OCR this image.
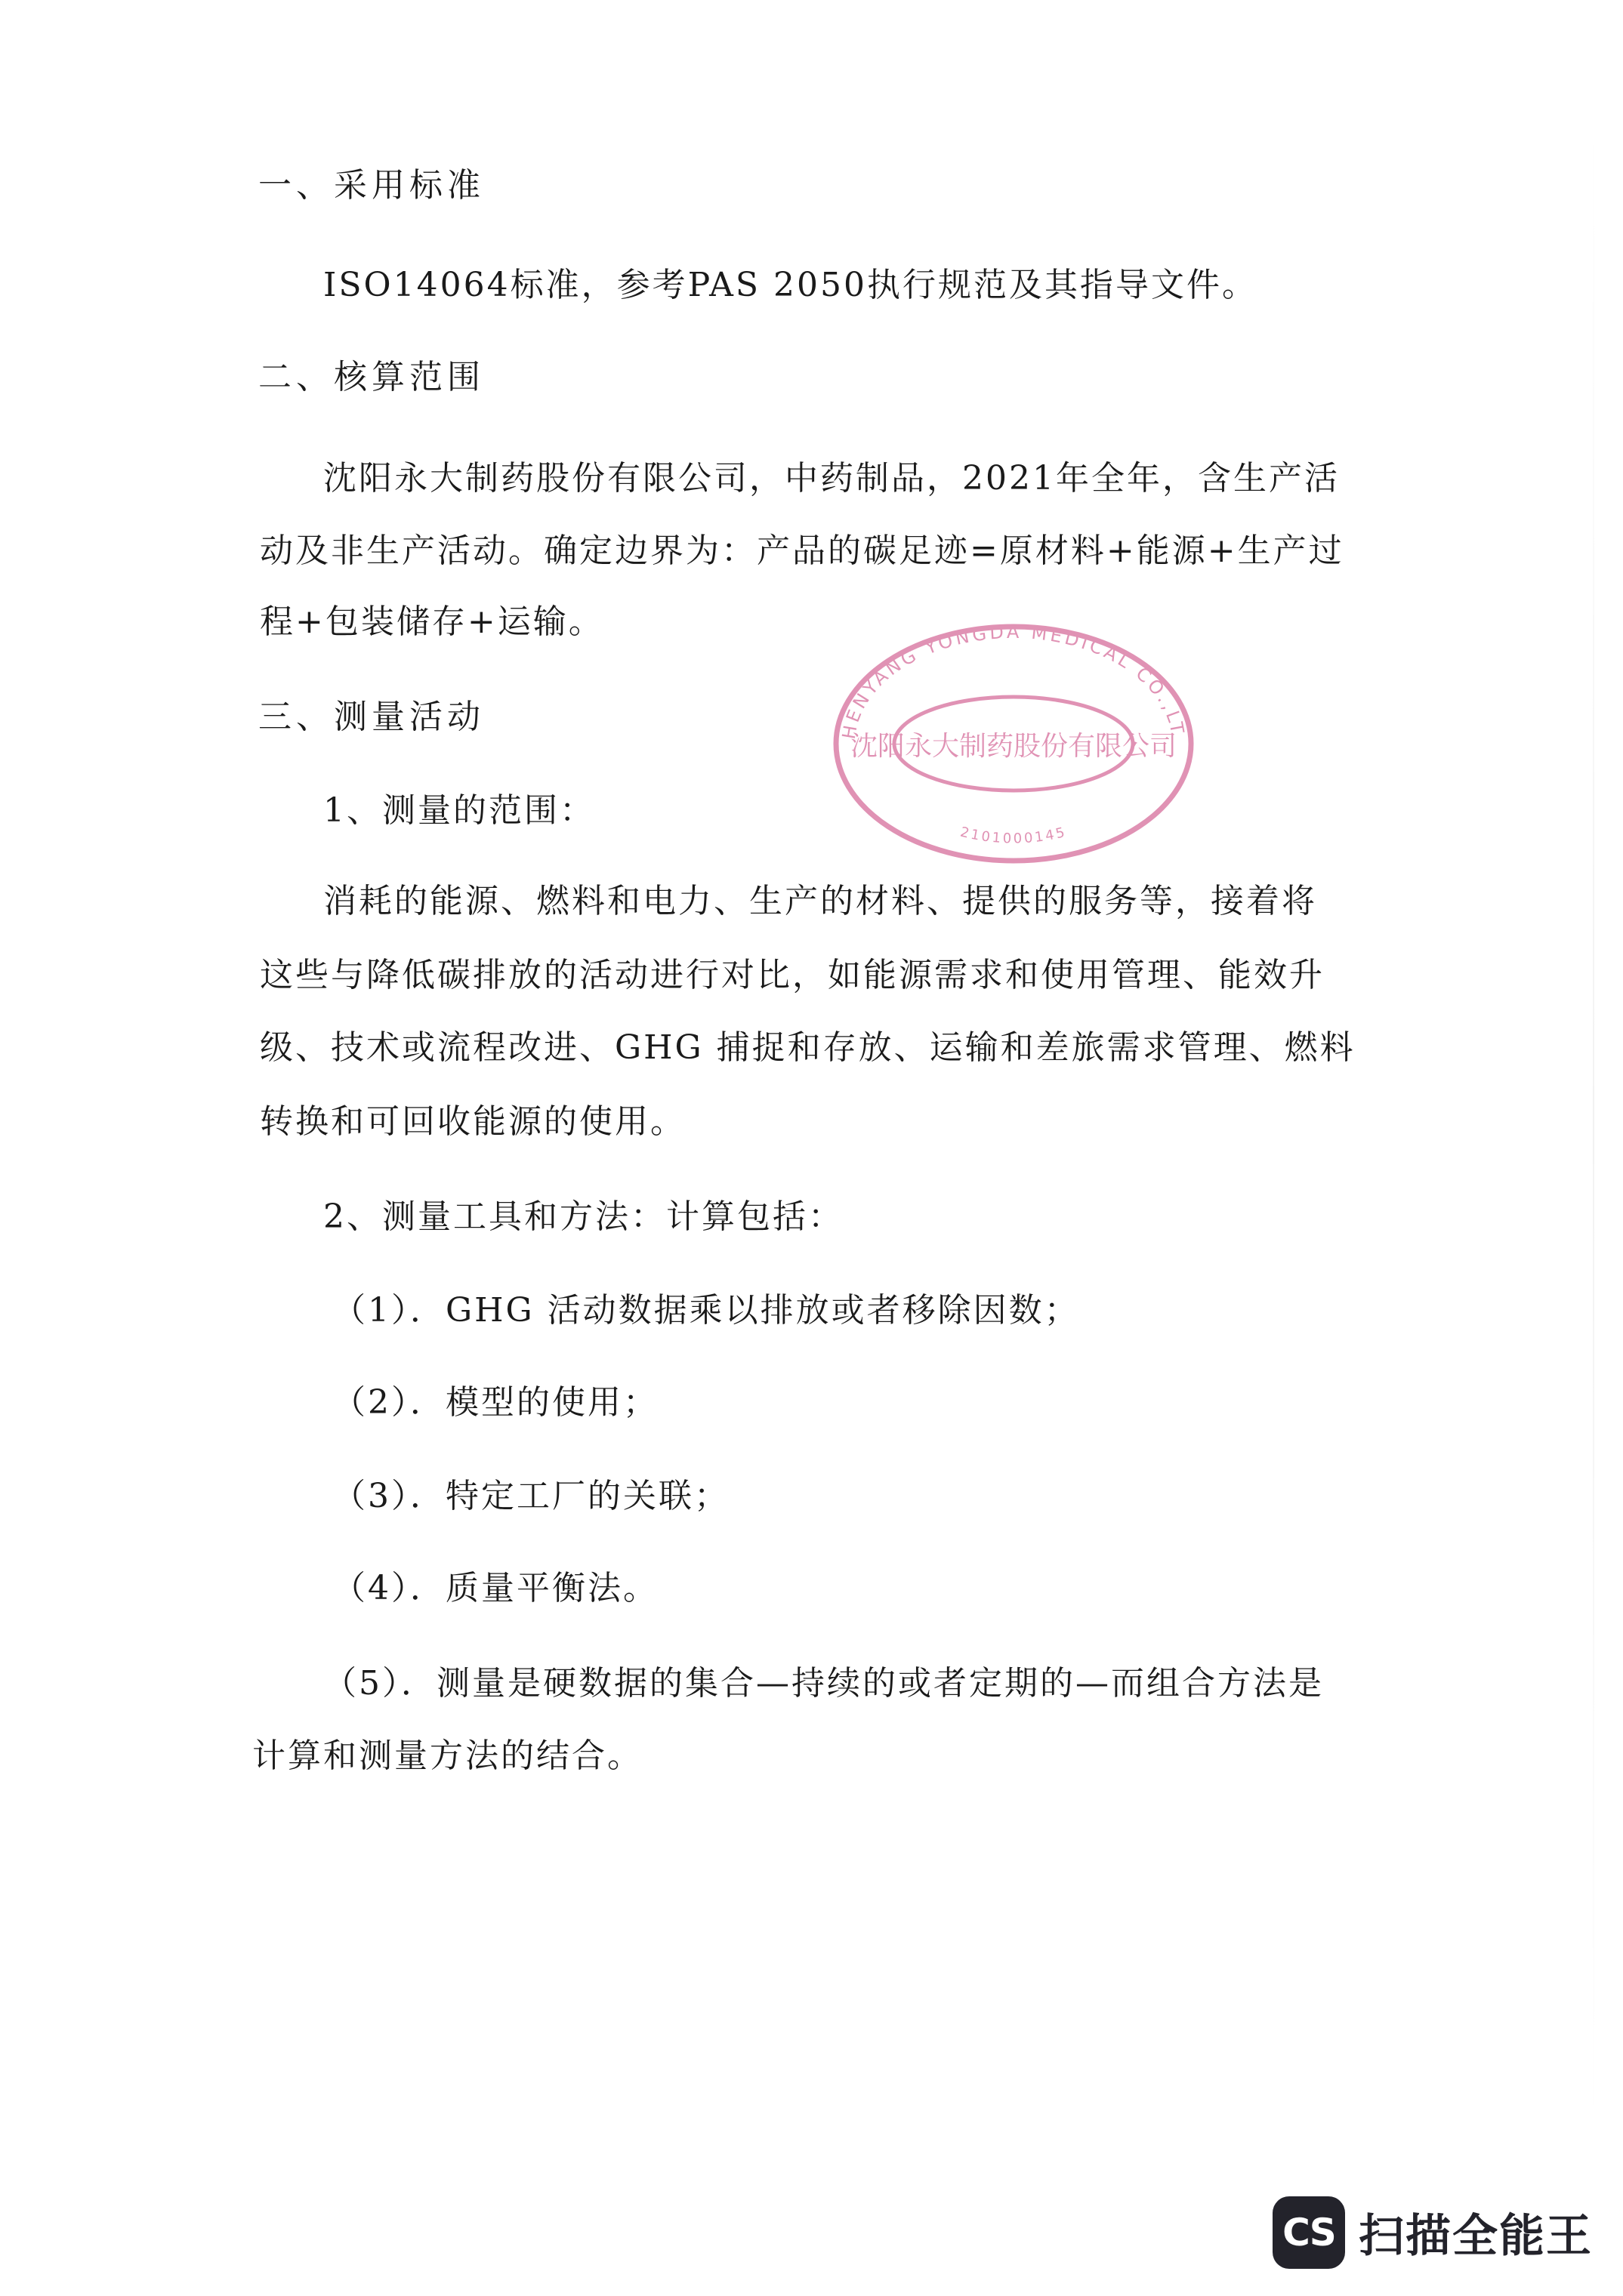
一、采用标准
ISO14064标准，参考PAS 2050执行规范及其指导文件。
二、核算范围
沈阳永大制药股份有限公司，中药制品，2021年全年，含生产活
动及非生产活动。确定边界为：产品的碳足迹=原材料+能源+生产过
程+包装储存+运输。
三、测量活动
1、测量的范围：
消耗的能源、燃料和电力、生产的材料、提供的服务等，接着将
这些与降低碳排放的活动进行对比，如能源需求和使用管理、能效升
级、技术或流程改进、GHG 捕捉和存放、运输和差旅需求管理、燃料
转换和可回收能源的使用。
2、测量工具和方法：计算包括：
（1）．GHG 活动数据乘以排放或者移除因数；
（2）．模型的使用；
（3）．特定工厂的关联；
（4）．质量平衡法。
（5）．测量是硬数据的集合—持续的或者定期的—而组合方法是
计算和测量方法的结合。
HENYANG YONGDA MEDICAL CO.,LT
沈阳永大制药股份有限公司
2101000145
CS 扫描全能王
